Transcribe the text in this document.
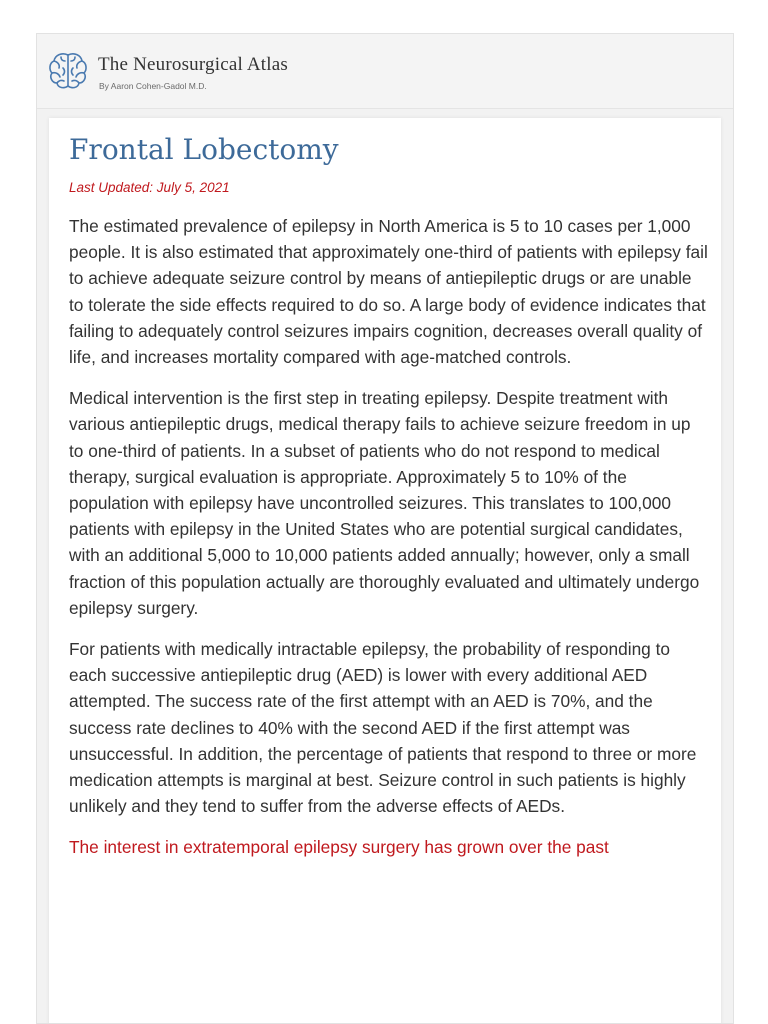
The Neurosurgical Atlas
By Aaron Cohen-Gadol M.D.
Frontal Lobectomy
Last Updated: July 5, 2021

The estimated prevalence of epilepsy in North America is 5 to 10 cases per 1,000 people. It is also estimated that approximately one-third of patients with epilepsy fail to achieve adequate seizure control by means of antiepileptic drugs or are unable to tolerate the side effects required to do so. A large body of evidence indicates that failing to adequately control seizures impairs cognition, decreases overall quality of life, and increases mortality compared with age-matched controls.

Medical intervention is the first step in treating epilepsy. Despite treatment with various antiepileptic drugs, medical therapy fails to achieve seizure freedom in up to one-third of patients. In a subset of patients who do not respond to medical therapy, surgical evaluation is appropriate. Approximately 5 to 10% of the population with epilepsy have uncontrolled seizures. This translates to 100,000 patients with epilepsy in the United States who are potential surgical candidates, with an additional 5,000 to 10,000 patients added annually; however, only a small fraction of this population actually are thoroughly evaluated and ultimately undergo epilepsy surgery.

For patients with medically intractable epilepsy, the probability of responding to each successive antiepileptic drug (AED) is lower with every additional AED attempted. The success rate of the first attempt with an AED is 70%, and the success rate declines to 40% with the second AED if the first attempt was unsuccessful. In addition, the percentage of patients that respond to three or more medication attempts is marginal at best. Seizure control in such patients is highly unlikely and they tend to suffer from the adverse effects of AEDs.

The interest in extratemporal epilepsy surgery has grown over the past
